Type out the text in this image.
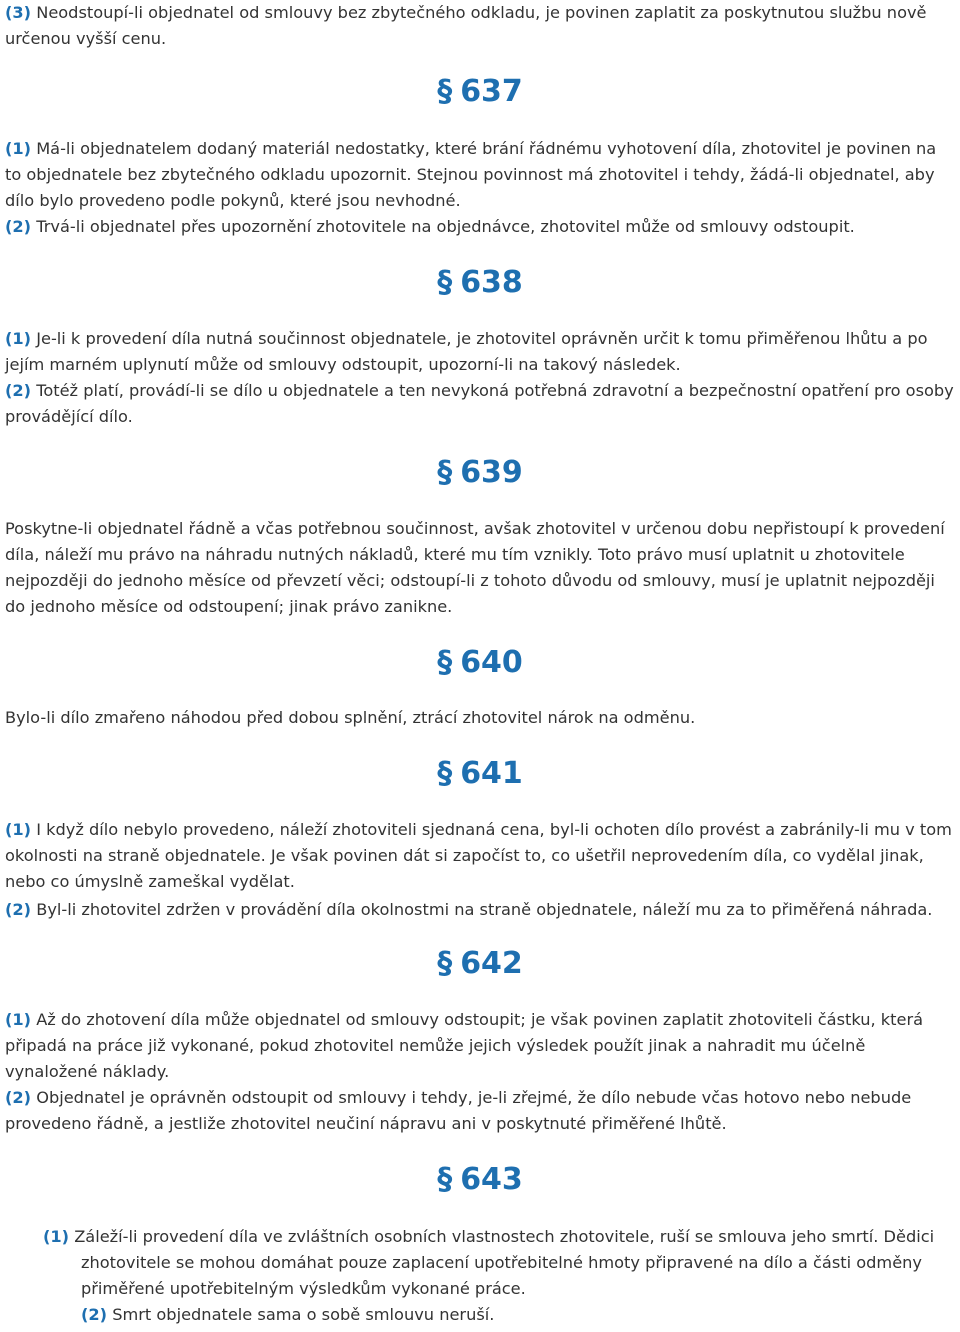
(3) Neodstoupí-li objednatel od smlouvy bez zbytečného odkladu, je povinen zaplatit za poskytnutou službu nově určenou vyšší cenu.

§ 637

(1) Má-li objednatelem dodaný materiál nedostatky, které brání řádnému vyhotovení díla, zhotovitel je povinen na to objednatele bez zbytečného odkladu upozornit. Stejnou povinnost má zhotovitel i tehdy, žádá-li objednatel, aby dílo bylo provedeno podle pokynů, které jsou nevhodné.

(2) Trvá-li objednatel přes upozornění zhotovitele na objednávce, zhotovitel může od smlouvy odstoupit.

§ 638

(1) Je-li k provedení díla nutná součinnost objednatele, je zhotovitel oprávněn určit k tomu přiměřenou lhůtu a po jejím marném uplynutí může od smlouvy odstoupit, upozorní-li na takový následek.

(2) Totéž platí, provádí-li se dílo u objednatele a ten nevykoná potřebná zdravotní a bezpečnostní opatření pro osoby provádějící dílo.

§ 639

Poskytne-li objednatel řádně a včas potřebnou součinnost, avšak zhotovitel v určenou dobu nepřistoupí k provedení díla, náleží mu právo na náhradu nutných nákladů, které mu tím vznikly. Toto právo musí uplatnit u zhotovitele nejpozději do jednoho měsíce od převzetí věci; odstoupí-li z tohoto důvodu od smlouvy, musí je uplatnit nejpozději do jednoho měsíce od odstoupení; jinak právo zanikne.

§ 640

Bylo-li dílo zmařeno náhodou před dobou splnění, ztrácí zhotovitel nárok na odměnu.

§ 641

(1) I když dílo nebylo provedeno, náleží zhotoviteli sjednaná cena, byl-li ochoten dílo provést a zabránily-li mu v tom okolnosti na straně objednatele. Je však povinen dát si započíst to, co ušetřil neprovedením díla, co vydělal jinak, nebo co úmyslně zameškal vydělat.

(2) Byl-li zhotovitel zdržen v provádění díla okolnostmi na straně objednatele, náleží mu za to přiměřená náhrada.

§ 642

(1) Až do zhotovení díla může objednatel od smlouvy odstoupit; je však povinen zaplatit zhotoviteli částku, která připadá na práce již vykonané, pokud zhotovitel nemůže jejich výsledek použít jinak a nahradit mu účelně vynaložené náklady.

(2) Objednatel je oprávněn odstoupit od smlouvy i tehdy, je-li zřejmé, že dílo nebude včas hotovo nebo nebude provedeno řádně, a jestliže zhotovitel neučiní nápravu ani v poskytnuté přiměřené lhůtě.

§ 643

(1) Záleží-li provedení díla ve zvláštních osobních vlastnostech zhotovitele, ruší se smlouva jeho smrtí. Dědici zhotovitele se mohou domáhat pouze zaplacení upotřebitelné hmoty připravené na dílo a části odměny přiměřené upotřebitelným výsledkům vykonané práce.

(2) Smrt objednatele sama o sobě smlouvu neruší.
